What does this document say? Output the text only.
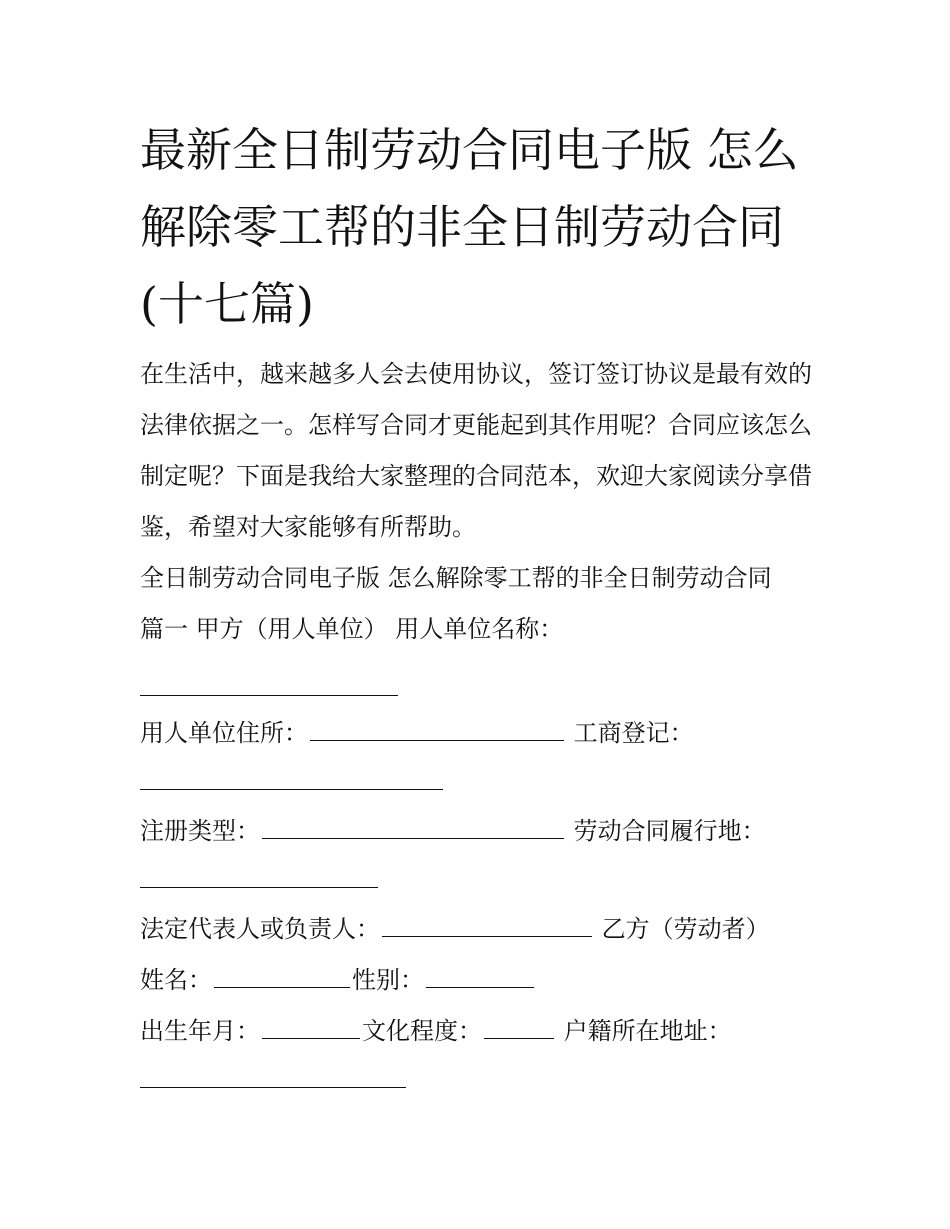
最新全日制劳动合同电子版 怎么解除零工帮的非全日制劳动合同(十七篇)

在生活中，越来越多人会去使用协议，签订签订协议是最有效的法律依据之一。怎样写合同才更能起到其作用呢？合同应该怎么制定呢？下面是我给大家整理的合同范本，欢迎大家阅读分享借鉴，希望对大家能够有所帮助。

全日制劳动合同电子版 怎么解除零工帮的非全日制劳动合同

篇一 甲方（用人单位） 用人单位名称：

用人单位住所：	工商登记：

注册类型：	劳动合同履行地：

法定代表人或负责人：	乙方（劳动者）

姓名：	性别：

出生年月：	文化程度：	户籍所在地址：
